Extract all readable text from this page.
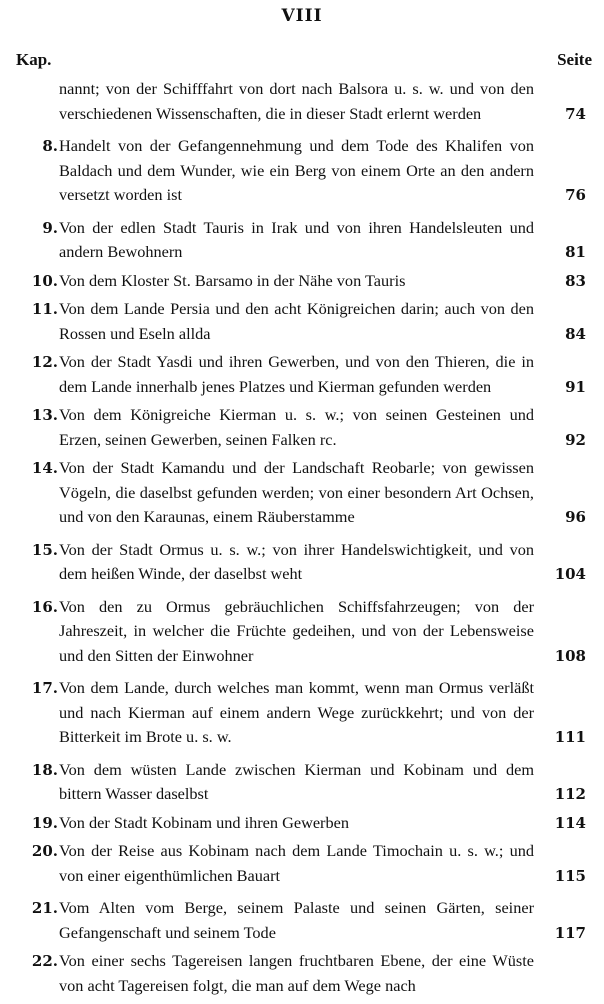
VIII
Kap.	Seite
nannt; von der Schifffahrt von dort nach Balsora u. s. w. und von den verschiedenen Wissenschaften, die in dieser Stadt erlernt werden	74
8. Handelt von der Gefangennehmung und dem Tode des Khalifen von Baldach und dem Wunder, wie ein Berg von einem Orte an den andern versetzt worden ist	76
9. Von der edlen Stadt Tauris in Irak und von ihren Handelsleuten und andern Bewohnern	81
10. Von dem Kloster St. Barsamo in der Nähe von Tauris	83
11. Von dem Lande Persia und den acht Königreichen darin; auch von den Rossen und Eseln allda	84
12. Von der Stadt Yasdi und ihren Gewerben, und von den Thieren, die in dem Lande innerhalb jenes Platzes und Kierman gefunden werden	91
13. Von dem Königreiche Kierman u. s. w.; von seinen Gesteinen und Erzen, seinen Gewerben, seinen Falken rc.	92
14. Von der Stadt Kamandu und der Landschaft Reobarle; von gewissen Vögeln, die daselbst gefunden werden; von einer besondern Art Ochsen, und von den Karaunas, einem Räuberstamme	96
15. Von der Stadt Ormus u. s. w.; von ihrer Handelswichtigkeit, und von dem heißen Winde, der daselbst weht	104
16. Von den zu Ormus gebräuchlichen Schiffsfahrzeugen; von der Jahreszeit, in welcher die Früchte gedeihen, und von der Lebensweise und den Sitten der Einwohner	108
17. Von dem Lande, durch welches man kommt, wenn man Ormus verläßt und nach Kierman auf einem andern Wege zurückkehrt; und von der Bitterkeit im Brote u. s. w.	111
18. Von dem wüsten Lande zwischen Kierman und Kobinam und dem bittern Wasser daselbst	112
19. Von der Stadt Kobinam und ihren Gewerben	114
20. Von der Reise aus Kobinam nach dem Lande Timochain u. s. w.; und von einer eigenthümlichen Bauart	115
21. Vom Alten vom Berge, seinem Palaste und seinen Gärten, seiner Gefangenschaft und seinem Tode	117
22. Von einer sechs Tagereisen langen fruchtbaren Ebene, der eine Wüste von acht Tagereisen folgt, die man auf dem Wege nach
